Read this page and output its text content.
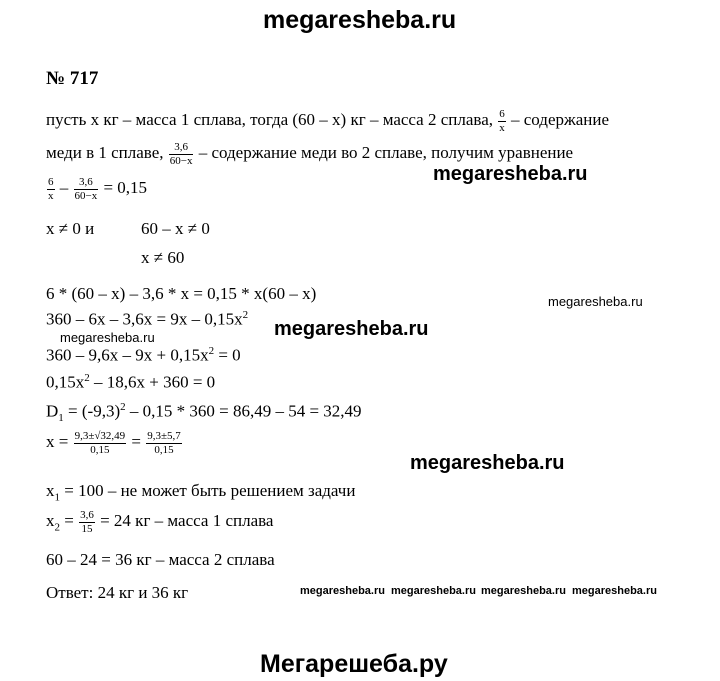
megaresheba.ru
№ 717
пусть x кг – масса 1 сплава, тогда (60 – x) кг – масса 2 сплава, $\frac{6}{x}$ – содержание
меди в 1 сплаве, $\frac{3,6}{60-x}$ – содержание меди во 2 сплаве, получим уравнение
megaresheba.ru
$\frac{6}{x} - \frac{3,6}{60-x} = 0,15$
x ≠ 0 и	60 – x ≠ 0
x ≠ 60
6 * (60 – x) – 3,6 * x = 0,15 * x(60 – x)	megaresheba.ru
$360 - 6x - 3,6x = 9x - 0,15x^2$
megaresheba.ru	megaresheba.ru
$360 - 9,6x - 9x + 0,15x^2 = 0$
$0,15x^2 - 18,6x + 360 = 0$
$D_1 = (-9,3)^2 - 0,15 * 360 = 86,49 - 54 = 32,49$
$x = \frac{9,3\pm√32,49}{0,15} = \frac{9,3\pm 5,7}{0,15}$
megaresheba.ru
$x_1 = 100$ – не может быть решением задачи
$x_2 = \frac{3,6}{15} = 24$ кг – масса 1 сплава
60 – 24 = 36 кг – масса 2 сплава
Ответ: 24 кг и 36 кг	megaresheba.ru megaresheba.ru megaresheba.ru megaresheba.ru
Мегарешеба.ру
